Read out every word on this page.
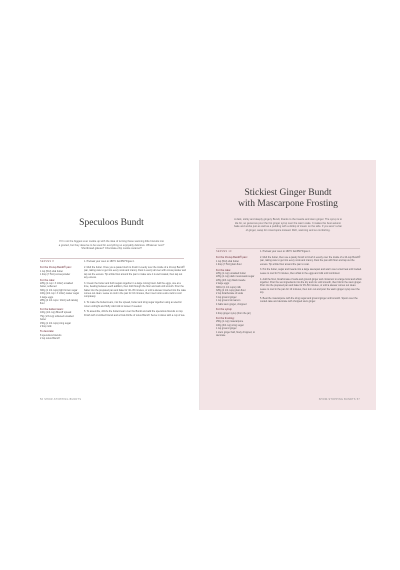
Speculoos Bundt
If I’m not the biggest ever cookie up with the idea of turning these warming little biscuits into a grazed, but they deserve to be used for everything so enjoyably delicious. Whatever next? Shortbread gâteau? Chocolate-chip cookie caramel?
SERVES 8
For the 10-cup Bundt® pan:
1 tsp (5ml) vital butter
1 tbsp (7.5ml) cocoa powder
For the cake:
225g (1 cup / 3 1/2oz) unsalted butter, softened
300g (1 1/2 cups) light brown sugar
100g (1/2 cup / 3 1/2oz) caster sugar
4 large eggs
285g (2 1/4 cups / 10oz) self-raising flour
For the buttercream:
100g (1/4 cup) Biscoff spread
75g (1/3 cup) softened unsalted butter
150g (1 1/2 cups) icing sugar
2 tbsp milk
To decorate:
8 speculoos biscuits
2 tsp Lotus Biscoff

1. Preheat your oven to 180°C fan/350°F/gas 4.

2. Melt the butter. Once you a paste brush to brush it evenly over the inside of a 10-cup Bundt® pan, taking care to get into every nook and cranny. Dust it evenly all over with cocoa powder and tap out the excess. Tip a little flour around the pan to make sure it is well coated, then tap out any excess.

3. Cream the butter and both sugars together in a large mixing bowl. Add the eggs, one at a time, beating between each addition, then fold through the flour and salt until smooth. Pour the batter into the prepared pan and bake for 40–45 minutes, or until a skewer inserted into the cake comes out clean. Leave to cool in the pan for 10 minutes, then invert onto a wire rack to cool completely.

4. To make the buttercream, mix the spread, butter and icing sugar together using an electric mixer until light and fluffy. Add milk to loosen if needed.

5. To assemble, drizzle the buttercream over the Bundt and add the speculoos biscuits on top. Finish with crumbled biscuit and a final drizzle of Lotus Biscoff. Serve in slices with a cup of tea.

56 SHOW-STOPPING BUNDTS
Stickiest Ginger Bundt
with Mascarpone Frosting
A dark, sticky and deeply gingery Bundt, thanks to the treacle and stem ginger. The syrup is to die for, so generous pour the hot ginger syrup over the warm cake. It makes the best autumn bake and works just as well as a pudding with a dollop of cream on the side. If you aren’t a fan of ginger, swap for mixed spice instead. Rich, warming and so comforting.
SERVES 10
For the 10-cup Bundt® pan:
1 tsp (5ml) vital butter
1 tbsp (7.5ml) plain flour
For the cake:
225g (1 cup) unsalted butter
225g (1 cup) dark muscovado sugar
225g (2/3 cup) black treacle
2 large eggs
300ml (1 1/4 cups) milk
325g (2 1/2 cups) plain flour
2 tsp bicarbonate of soda
3 tsp ground ginger
1 tsp ground cinnamon
4 balls stem ginger, chopped
For the syrup:
4 tbsp ginger syrup (from the jar)
For the frosting:
250g (1 cup) mascarpone
100g (3/4 cup) icing sugar
1 tsp ground ginger
1 stem ginger ball, finely chopped, to decorate

1. Preheat your oven to 160°C fan/350°F/gas 4.

2. Melt the butter, then use a pastry brush to brush it evenly over the inside of a 10-cup Bundt® pan, taking care to get into every nook and cranny. Dust the pan with flour and tap out the excess. Tip a little flour around the pan to coat.

3. Put the butter, sugar and treacle into a large saucepan and warm over a low heat until melted. Leave to cool for 5 minutes, then whisk in the eggs and milk until combined.

4. Add the flour, bicarbonate of soda and ground ginger and cinnamon to a large bowl and whisk together. Pour the wet ingredients into the dry and mix until smooth, then fold in the stem ginger. Pour into the prepared pan and bake for 45–50 minutes, or until a skewer comes out clean. Leave to cool in the pan for 10 minutes, then turn out and pour the warm ginger syrup over the top.

5. Beat the mascarpone with the icing sugar and ground ginger until smooth. Spoon over the cooled cake and decorate with chopped stem ginger.

SHOW-STOPPING BUNDTS 57
